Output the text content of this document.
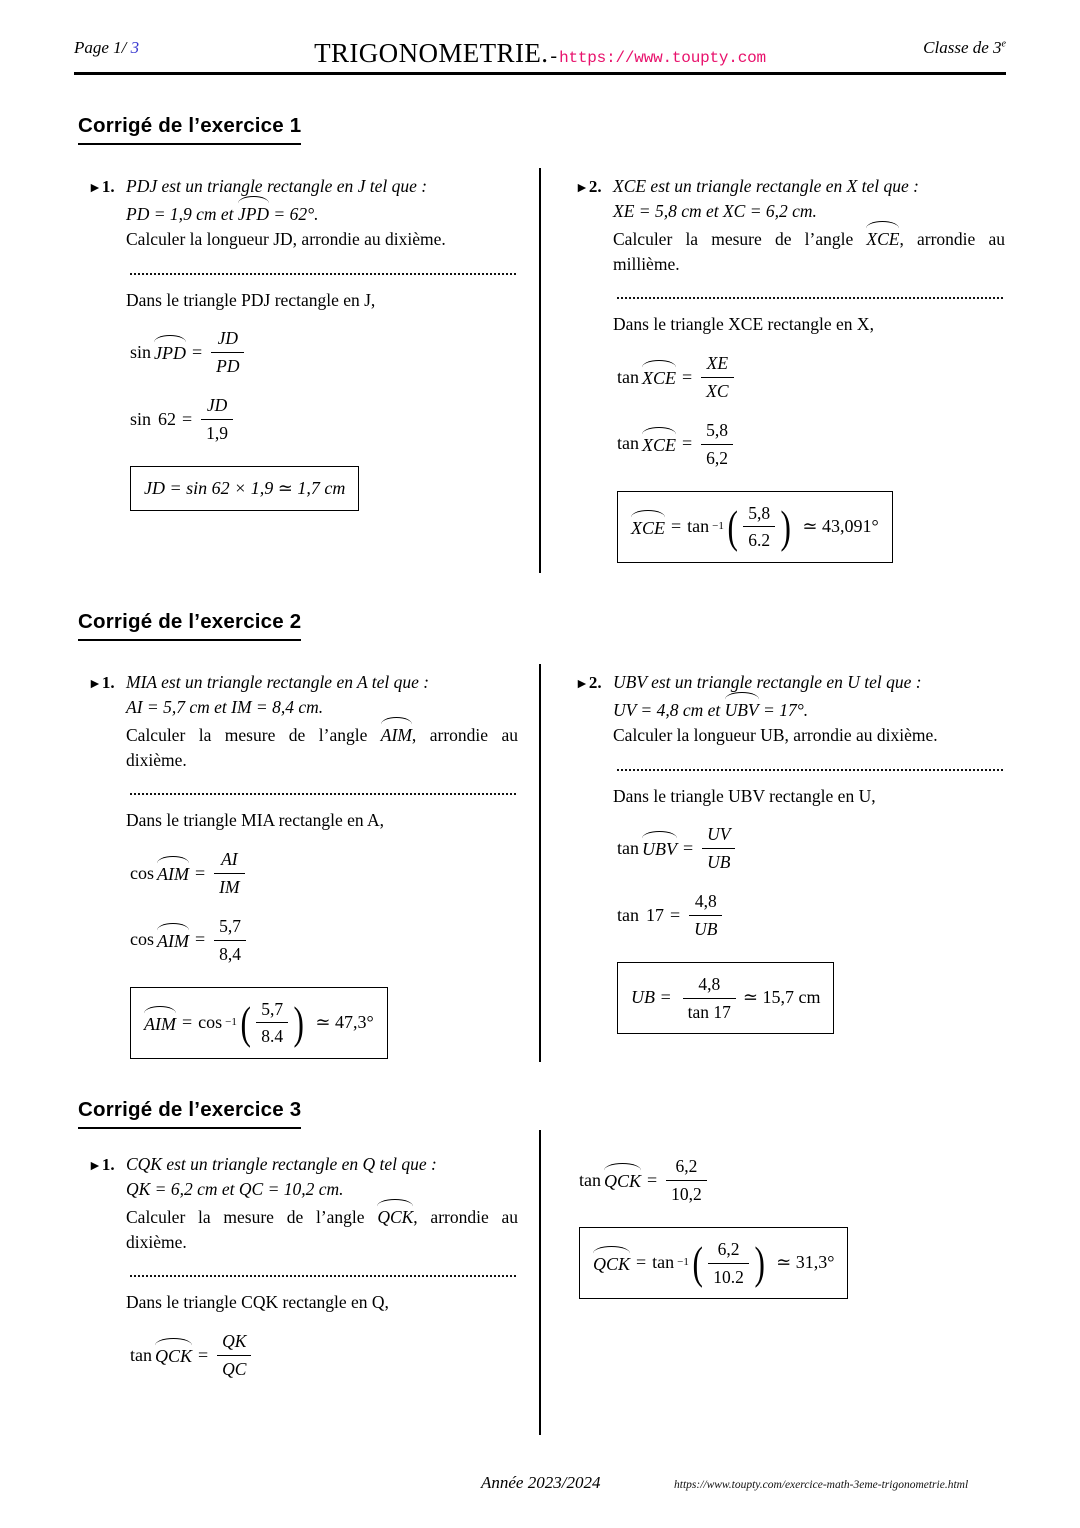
Page 1/ 3	TRIGONOMETRIE. - https://www.toupty.com
Classe de 3e
Corrigé de l’exercice 1
►1. PDJ est un triangle rectangle en J tel que :
PD = 1,9 cm et JPD = 62°.
Calculer la longueur JD, arrondie au dixième.
Dans le triangle PDJ rectangle en J,
sin JPD = $\frac{JD}{PD}$
$\sin 62 = \frac{JD}{1,9}$
JD = sin 62 × 1,9 ≃ 1,7 cm
►2. XCE est un triangle rectangle en X tel que :
XE = 5,8 cm et XC = 6,2 cm.
Calculer la mesure de l’angle XCE, arrondie au millième.
Dans le triangle XCE rectangle en X,
tan XCE = $\frac{XE}{XC}$
tan XCE = $\frac{5,8}{6,2}$
XCE = tan −1 ( $\frac{5,8}{6.2}$ ) ≃ 43,091°
Corrigé de l’exercice 2
►1. MIA est un triangle rectangle en A tel que :
AI = 5,7 cm et IM = 8,4 cm.
Calculer la mesure de l’angle AIM, arrondie au dixième.
Dans le triangle MIA rectangle en A,
cos AIM = $\frac{AI}{IM}$
cos AIM = $\frac{5,7}{8,4}$
AIM = cos −1 ( $\frac{5,7}{8.4}$ ) ≃ 47,3°
►2. UBV est un triangle rectangle en U tel que :
UV = 4,8 cm et UBV = 17°.
Calculer la longueur UB, arrondie au dixième.
Dans le triangle UBV rectangle en U,
tan UBV = $\frac{UV}{UB}$
$\tan 17 = \frac{4,8}{UB}$
UB = $\frac{4,8}{\tan 17}$ ≃ 15,7 cm
Corrigé de l’exercice 3
►1. CQK est un triangle rectangle en Q tel que :
QK = 6,2 cm et QC = 10,2 cm.
Calculer la mesure de l’angle QCK, arrondie au dixième.
Dans le triangle CQK rectangle en Q,
tan QCK = $\frac{QK}{QC}$
tan QCK = $\frac{6,2}{10,2}$
QCK = tan −1 ( $\frac{6,2}{10.2}$ ) ≃ 31,3°
Année 2023/2024	https://www.toupty.com/exercice-math-3eme-trigonometrie.html
